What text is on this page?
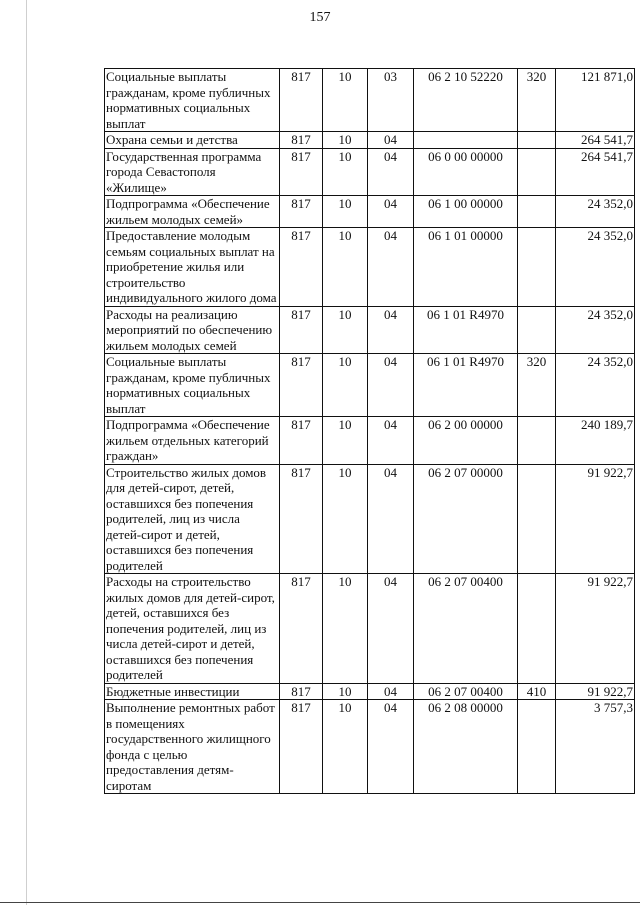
157
Социальные выплаты гражданам, кроме публичных нормативных социальных выплат	817	10	03	06 2 10 52220	320	121 871,0
Охрана семьи и детства	817	10	04			264 541,7
Государственная программа города Севастополя «Жилище»	817	10	04	06 0 00 00000		264 541,7
Подпрограмма «Обеспечение жильем молодых семей»	817	10	04	06 1 00 00000		24 352,0
Предоставление молодым семьям социальных выплат на приобретение жилья или строительство индивидуального жилого дома	817	10	04	06 1 01 00000		24 352,0
Расходы на реализацию мероприятий по обеспечению жильем молодых семей	817	10	04	06 1 01 R4970		24 352,0
Социальные выплаты гражданам, кроме публичных нормативных социальных выплат	817	10	04	06 1 01 R4970	320	24 352,0
Подпрограмма «Обеспечение жильем отдельных категорий граждан»	817	10	04	06 2 00 00000		240 189,7
Строительство жилых домов для детей-сирот, детей, оставшихся без попечения родителей, лиц из числа детей-сирот и детей, оставшихся без попечения родителей	817	10	04	06 2 07 00000		91 922,7
Расходы на строительство жилых домов для детей-сирот, детей, оставшихся без попечения родителей, лиц из числа детей-сирот и детей, оставшихся без попечения родителей	817	10	04	06 2 07 00400		91 922,7
Бюджетные инвестиции	817	10	04	06 2 07 00400	410	91 922,7
Выполнение ремонтных работ в помещениях государственного жилищного фонда с целью предоставления детям-сиротам	817	10	04	06 2 08 00000		3 757,3
